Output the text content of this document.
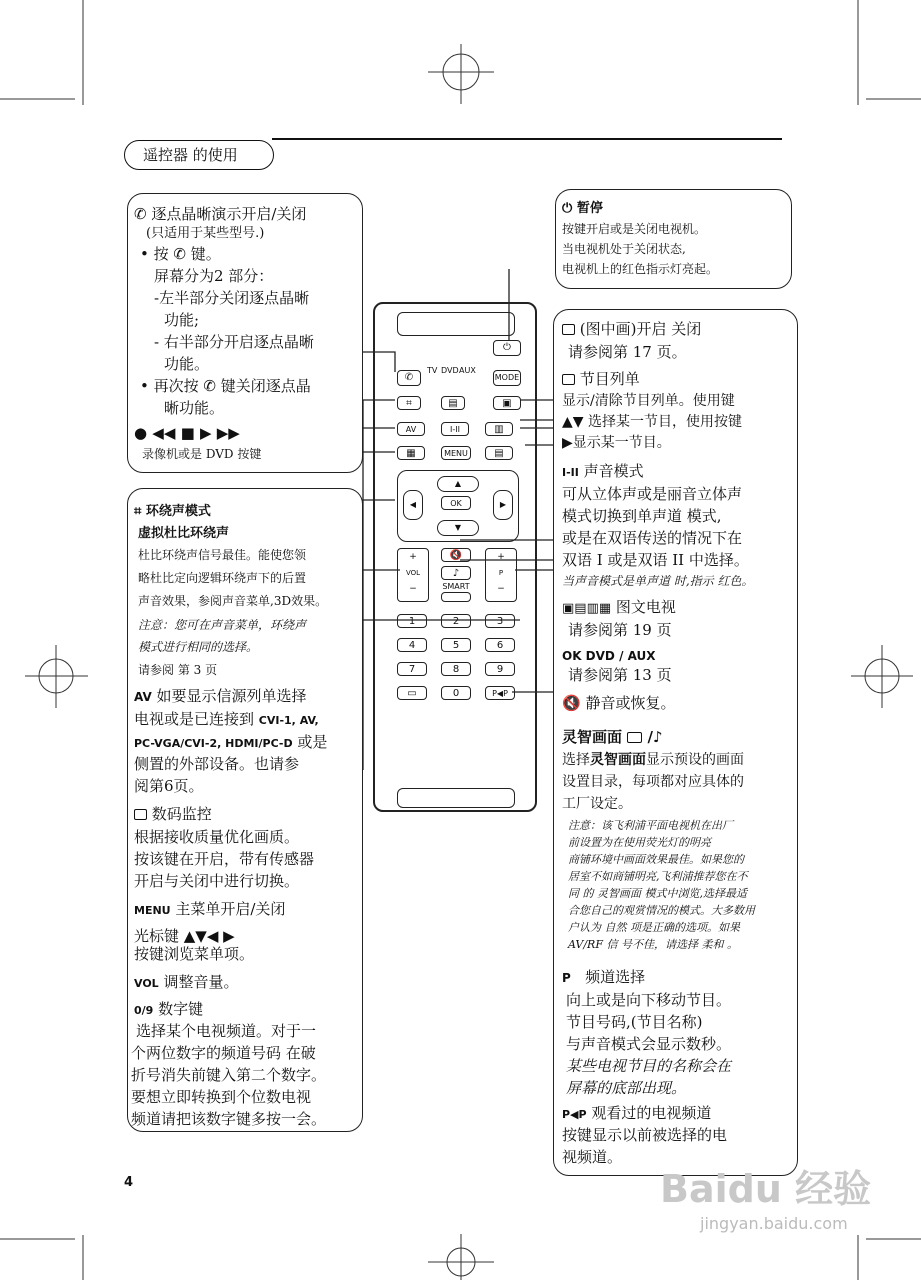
遥控器 的使用
✆ 逐点晶晰演示开启/关闭
(只适用于某些型号.)
• 按 ✆ 键。
屏幕分为2 部分：
-左半部分关闭逐点晶晰
功能;
- 右半部分开启逐点晶晰
功能。
• 再次按 ✆ 键关闭逐点晶
晰功能。
● ◀◀ ■ ▶ ▶▶
录像机或是 DVD 按键
⌗ 环绕声模式
虚拟杜比环绕声
杜比环绕声信号最佳。能使您领
略杜比定向逻辑环绕声下的后置
声音效果，参阅声音菜单,3D效果。
注意：您可在声音菜单，环绕声
模式进行相同的选择。
请参阅 第 3 页
AV 如要显示信源列单选择
电视或是已连接到 CVI-1, AV,
PC-VGA/CVI-2, HDMI/PC-D 或是
侧置的外部设备。也请参
阅第6页。
数码监控
根据接收质量优化画质。
按该键在开启，带有传感器
开启与关闭中进行切换。
MENU 主菜单开启/关闭
光标键 ▲▼◀ ▶
按键浏览菜单项。
VOL 调整音量。
0/9 数字键
选择某个电视频道。对于一
个两位数字的频道号码 在破
折号消失前键入第二个数字。
要想立即转换到个位数电视
频道请把该数字键多按一会。
⏻ 暂停
按键开启或是关闭电视机。
当电视机处于关闭状态,
电视机上的红色指示灯亮起。
(图中画)开启 关闭
请参阅第 17 页。
节目列单
显示/清除节目列单。使用键
▲▼ 选择某一节目，使用按键
▶显示某一节目。
I-II 声音模式
可从立体声或是丽音立体声
模式切换到单声道 模式,
或是在双语传送的情况下在
双语 I 或是双语 II 中选择。
当声音模式是单声道 时,指示 红色。
▣▤▥▦ 图文电视
请参阅第 19 页
OK DVD / AUX
请参阅第 13 页
🔇 静音或恢复。
灵智画面  /♪
选择灵智画面显示预设的画面
设置目录，每项都对应具体的
工厂设定。
注意：该飞利浦平面电视机在出厂
前设置为在使用荧光灯的明亮
商铺环境中画面效果最佳。如果您的
居室不如商铺明亮,飞利浦推荐您在不
同 的 灵智画面 模式中浏览,选择最适
合您自己的观赏情况的模式。大多数用
户认为 自然 项是正确的选项。如果
AV/RF 信 号不佳，请选择 柔和 。
P 频道选择
向上或是向下移动节目。
节目号码,(节目名称)
与声音模式会显示数秒。
某些电视节目的名称会在
屏幕的底部出现。
P◀P 观看过的电视频道
按键显示以前被选择的电
视频道。
⏻
✆
TV DVD AUX
MODE
⌗	▤	▣
AV	I-II	▥
▦	MENU	▤
▲
▼
◀	▶
OK
+
VOL
−
🔇
♪
SMART
+
P
−
1	2	3
4	5	6
7	8	9
▭	0	P◀P
4	Baidu 经验
jingyan.baidu.com
